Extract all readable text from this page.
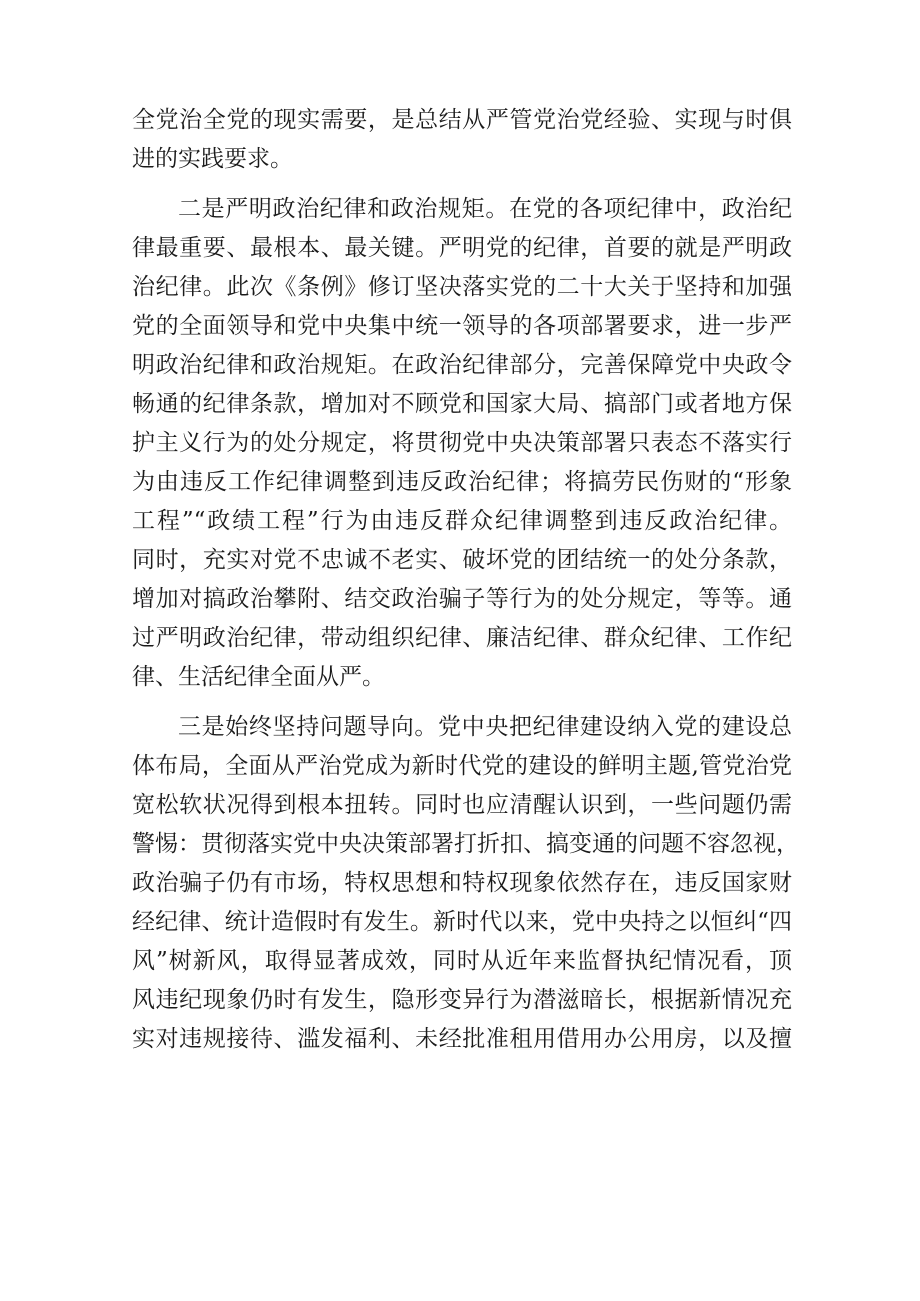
全党治全党的现实需要，是总结从严管党治党经验、实现与时俱
进的实践要求。
二是严明政治纪律和政治规矩。在党的各项纪律中，政治纪
律最重要、最根本、最关键。严明党的纪律，首要的就是严明政
治纪律。此次《条例》修订坚决落实党的二十大关于坚持和加强
党的全面领导和党中央集中统一领导的各项部署要求，进一步严
明政治纪律和政治规矩。在政治纪律部分，完善保障党中央政令
畅通的纪律条款，增加对不顾党和国家大局、搞部门或者地方保
护主义行为的处分规定，将贯彻党中央决策部署只表态不落实行
为由违反工作纪律调整到违反政治纪律；将搞劳民伤财的“形象
工程”“政绩工程”行为由违反群众纪律调整到违反政治纪律。
同时，充实对党不忠诚不老实、破坏党的团结统一的处分条款，
增加对搞政治攀附、结交政治骗子等行为的处分规定，等等。通
过严明政治纪律，带动组织纪律、廉洁纪律、群众纪律、工作纪
律、生活纪律全面从严。
三是始终坚持问题导向。党中央把纪律建设纳入党的建设总
体布局，全面从严治党成为新时代党的建设的鲜明主题,管党治党
宽松软状况得到根本扭转。同时也应清醒认识到，一些问题仍需
警惕：贯彻落实党中央决策部署打折扣、搞变通的问题不容忽视，
政治骗子仍有市场，特权思想和特权现象依然存在，违反国家财
经纪律、统计造假时有发生。新时代以来，党中央持之以恒纠“四
风”树新风，取得显著成效，同时从近年来监督执纪情况看，顶
风违纪现象仍时有发生，隐形变异行为潜滋暗长，根据新情况充
实对违规接待、滥发福利、未经批准租用借用办公用房，以及擅
